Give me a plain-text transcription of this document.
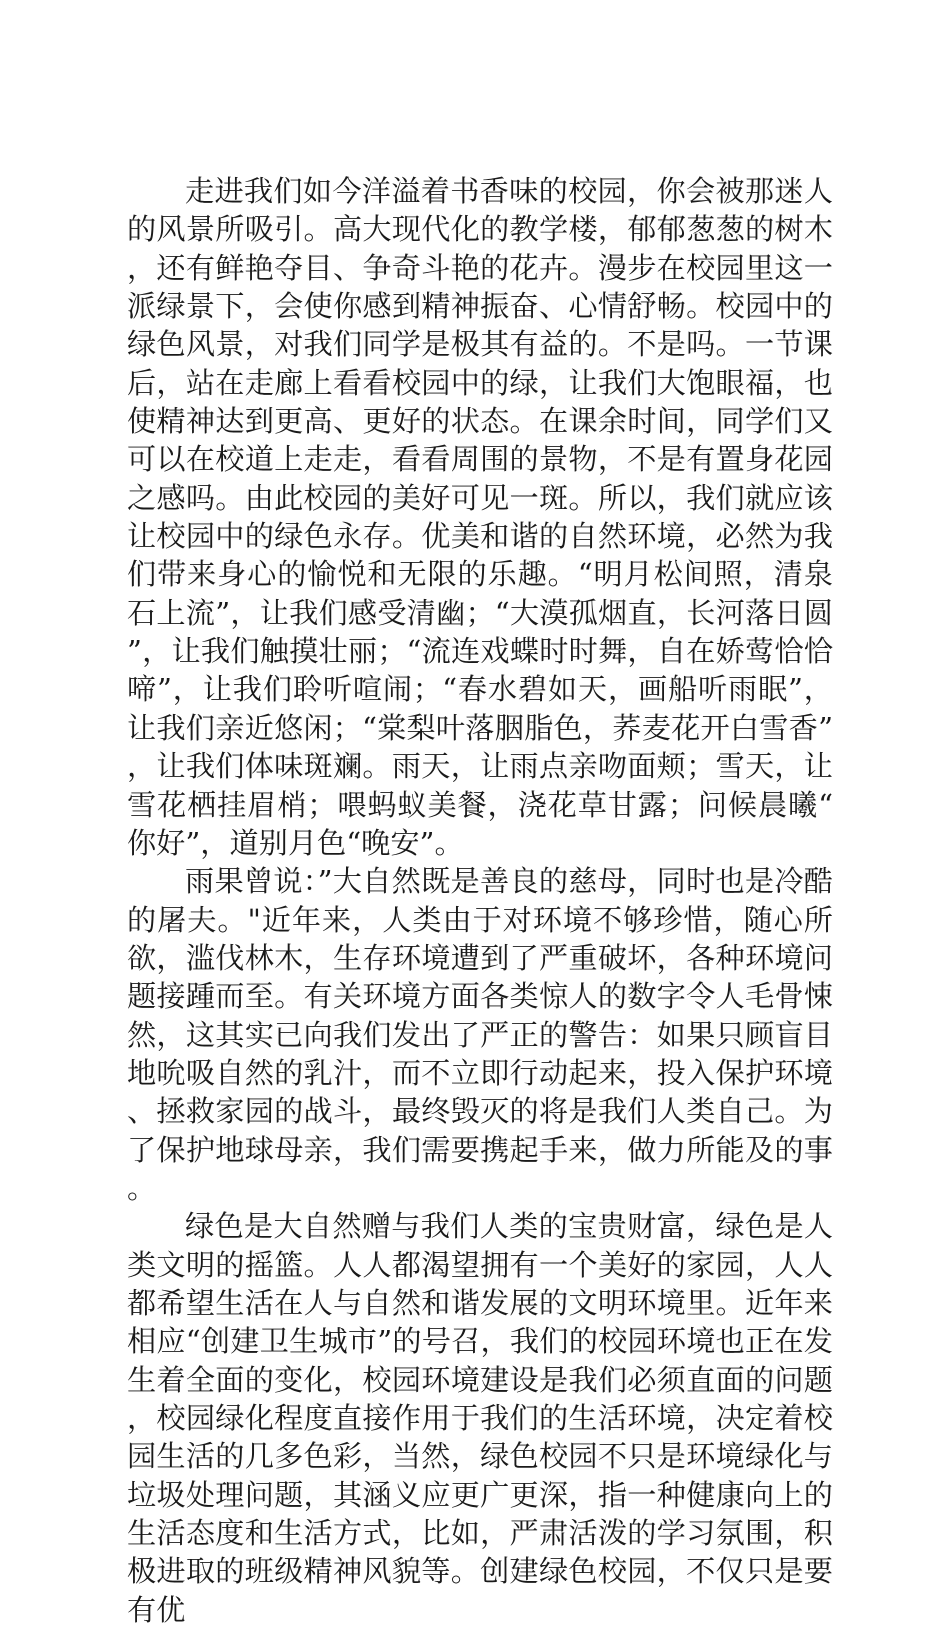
走进我们如今洋溢着书香味的校园，你会被那迷人的风景所吸引。高大现代化的教学楼，郁郁葱葱的树木，还有鲜艳夺目、争奇斗艳的花卉。漫步在校园里这一派绿景下，会使你感到精神振奋、心情舒畅。校园中的绿色风景，对我们同学是极其有益的。不是吗。一节课后，站在走廊上看看校园中的绿，让我们大饱眼福，也使精神达到更高、更好的状态。在课余时间，同学们又可以在校道上走走，看看周围的景物，不是有置身花园之感吗。由此校园的美好可见一斑。所以，我们就应该让校园中的绿色永存。优美和谐的自然环境，必然为我们带来身心的愉悦和无限的乐趣。“明月松间照，清泉石上流”，让我们感受清幽；“大漠孤烟直，长河落日圆”，让我们触摸壮丽；“流连戏蝶时时舞，自在娇莺恰恰啼”，让我们聆听喧闹；“春水碧如天，画船听雨眠”，让我们亲近悠闲；“棠梨叶落胭脂色，荞麦花开白雪香”，让我们体味斑斓。雨天，让雨点亲吻面颊；雪天，让雪花栖挂眉梢；喂蚂蚁美餐，浇花草甘露；问候晨曦“你好”，道别月色“晚安”。

雨果曾说：”大自然既是善良的慈母，同时也是冷酷的屠夫。"近年来，人类由于对环境不够珍惜，随心所欲，滥伐林木，生存环境遭到了严重破坏，各种环境问题接踵而至。有关环境方面各类惊人的数字令人毛骨悚然，这其实已向我们发出了严正的警告：如果只顾盲目地吮吸自然的乳汁，而不立即行动起来，投入保护环境、拯救家园的战斗，最终毁灭的将是我们人类自己。为了保护地球母亲，我们需要携起手来，做力所能及的事。

绿色是大自然赠与我们人类的宝贵财富，绿色是人类文明的摇篮。人人都渴望拥有一个美好的家园，人人都希望生活在人与自然和谐发展的文明环境里。近年来相应“创建卫生城市”的号召，我们的校园环境也正在发生着全面的变化，校园环境建设是我们必须直面的问题，校园绿化程度直接作用于我们的生活环境，决定着校园生活的几多色彩，当然，绿色校园不只是环境绿化与垃圾处理问题，其涵义应更广更深，指一种健康向上的生活态度和生活方式，比如，严肃活泼的学习氛围，积极进取的班级精神风貌等。创建绿色校园，不仅只是要有优
